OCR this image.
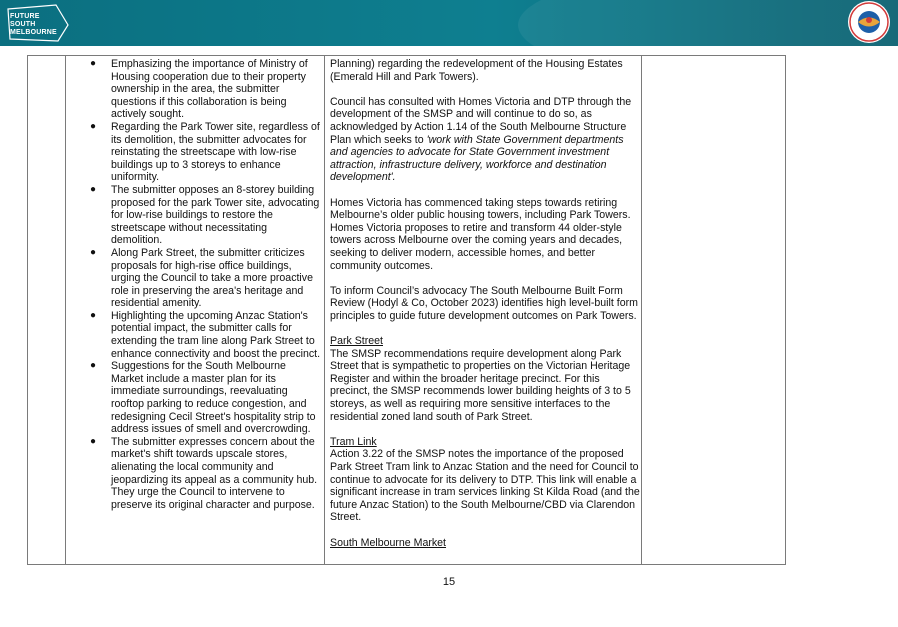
FUTURE
SOUTH
MELBOURNE
● Emphasizing the importance of Ministry of Housing cooperation due to their property ownership in the area, the submitter questions if this collaboration is being actively sought.
● Regarding the Park Tower site, regardless of its demolition, the submitter advocates for reinstating the streetscape with low-rise buildings up to 3 storeys to enhance uniformity.
● The submitter opposes an 8-storey building proposed for the park Tower site, advocating for low-rise buildings to restore the streetscape without necessitating demolition.
● Along Park Street, the submitter criticizes proposals for high-rise office buildings, urging the Council to take a more proactive role in preserving the area's heritage and residential amenity.
● Highlighting the upcoming Anzac Station's potential impact, the submitter calls for extending the tram line along Park Street to enhance connectivity and boost the precinct.
● Suggestions for the South Melbourne Market include a master plan for its immediate surroundings, reevaluating rooftop parking to reduce congestion, and redesigning Cecil Street's hospitality strip to address issues of smell and overcrowding.
● The submitter expresses concern about the market's shift towards upscale stores, alienating the local community and jeopardizing its appeal as a community hub. They urge the Council to intervene to preserve its original character and purpose.

Planning) regarding the redevelopment of the Housing Estates (Emerald Hill and Park Towers).

Council has consulted with Homes Victoria and DTP through the development of the SMSP and will continue to do so, as acknowledged by Action 1.14 of the South Melbourne Structure Plan which seeks to 'work with State Government departments and agencies to advocate for State Government investment attraction, infrastructure delivery, workforce and destination development'.

Homes Victoria has commenced taking steps towards retiring Melbourne’s older public housing towers, including Park Towers. Homes Victoria proposes to retire and transform 44 older-style towers across Melbourne over the coming years and decades, seeking to deliver modern, accessible homes, and better community outcomes.

To inform Council’s advocacy The South Melbourne Built Form Review (Hodyl & Co, October 2023) identifies high level-built form principles to guide future development outcomes on Park Towers.

Park Street

The SMSP recommendations require development along Park Street that is sympathetic to properties on the Victorian Heritage Register and within the broader heritage precinct. For this precinct, the SMSP recommends lower building heights of 3 to 5 storeys, as well as requiring more sensitive interfaces to the residential zoned land south of Park Street.

Tram Link

Action 3.22 of the SMSP notes the importance of the proposed Park Street Tram link to Anzac Station and the need for Council to continue to advocate for its delivery to DTP. This link will enable a significant increase in tram services linking St Kilda Road (and the future Anzac Station) to the South Melbourne/CBD via Clarendon Street.

South Melbourne Market

15
